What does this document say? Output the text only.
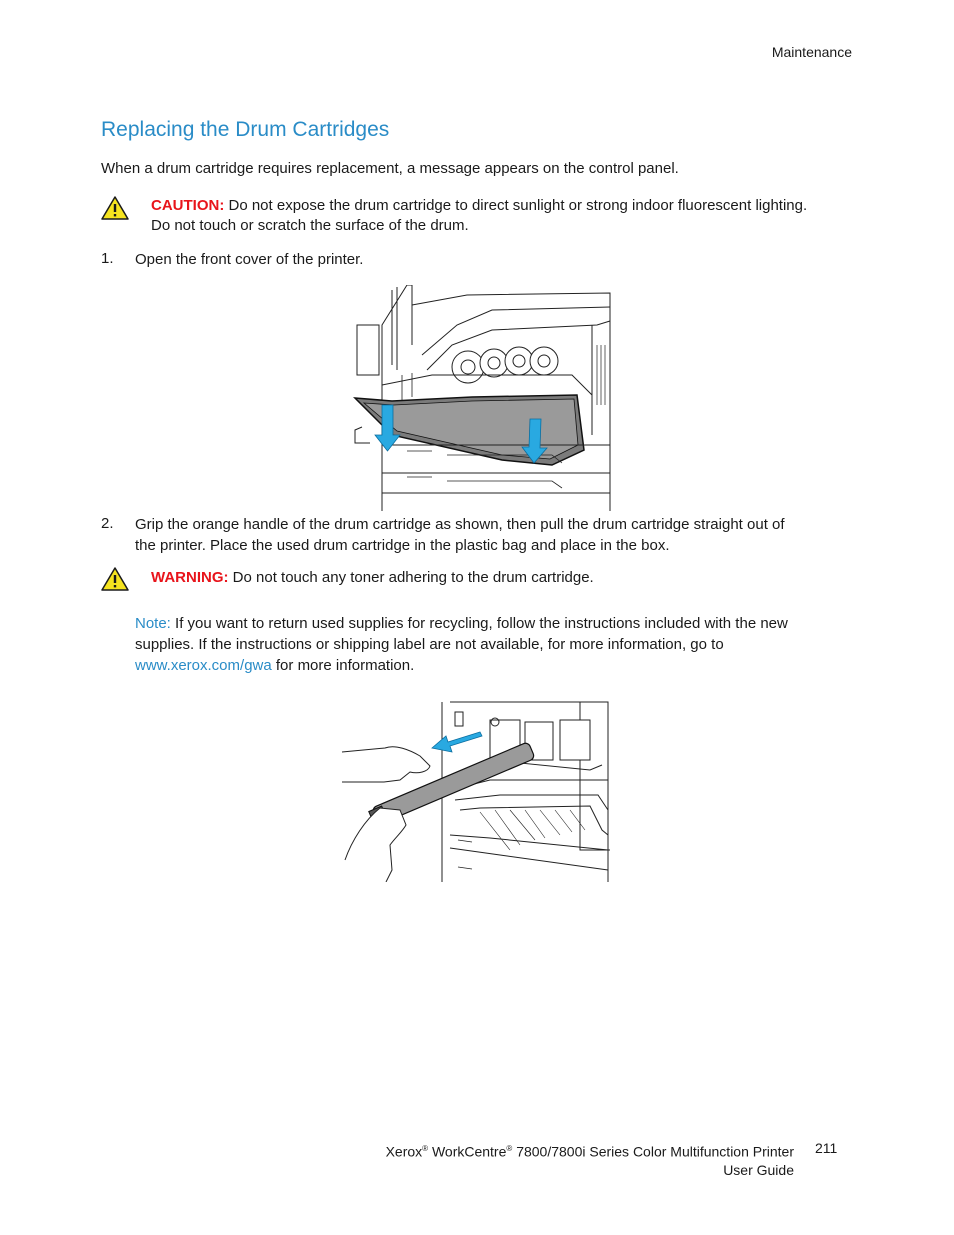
Maintenance
Replacing the Drum Cartridges
When a drum cartridge requires replacement, a message appears on the control panel.
CAUTION: Do not expose the drum cartridge to direct sunlight or strong indoor fluorescent lighting.
Do not touch or scratch the surface of the drum.
1. Open the front cover of the printer.
2. Grip the orange handle of the drum cartridge as shown, then pull the drum cartridge straight out of
the printer. Place the used drum cartridge in the plastic bag and place in the box.
WARNING: Do not touch any toner adhering to the drum cartridge.
Note: If you want to return used supplies for recycling, follow the instructions included with the new
supplies. If the instructions or shipping label are not available, for more information, go to
www.xerox.com/gwa for more information.
Xerox® WorkCentre® 7800/7800i Series Color Multifunction Printer
User Guide
211
